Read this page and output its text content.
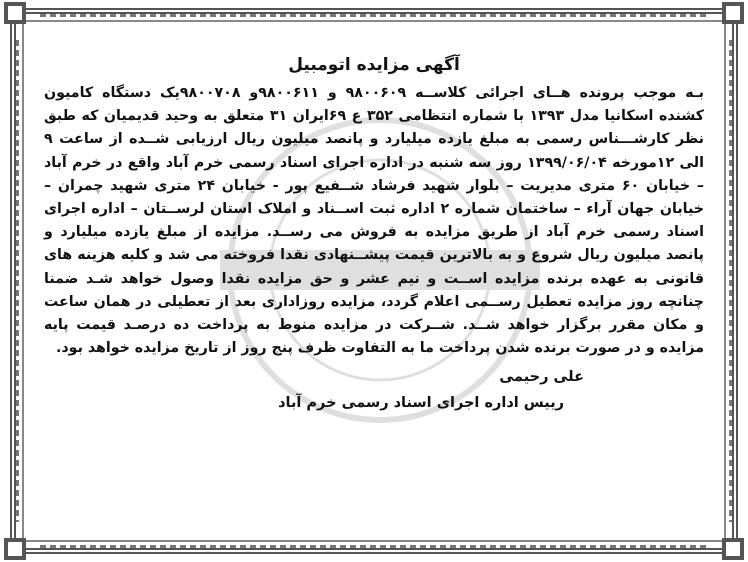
آگهی مزایده اتومبیل

بـه موجب پرونده هــای اجرائی کلاســه ۹۸۰۰۶۰۹ و ۹۸۰۰۶۱۱و ۹۸۰۰۷۰۸یک دستگاه کامیون کشنده اسکانیا مدل ۱۳۹۳ با شماره انتظامی ۳۵۲ ع ۶۹ایران ۳۱ متعلق به وحید قدیمیان که طبق نظر کارشـــناس رسمی به مبلغ یازده میلیارد و پانصد میلیون ریال ارزیابی شــده از ساعت ۹ الی ۱۲مورخه ۱۳۹۹/۰۶/۰۴ روز سه شنبه در اداره اجرای اسناد رسمی خرم آباد واقع در خرم آباد – خیابان ۶۰ متری مدیریت – بلوار شهید فرشاد شــفیع پور - خیابان ۲۴ متری شهید چمران – خیابان جهان آراء – ساختمان شماره ۲ اداره ثبت اســناد و املاک استان لرســتان – اداره اجرای اسناد رسمی خرم آباد از طریق مزایده به فروش می رســد. مزایده از مبلغ یازده میلیارد و پانصد میلیون ریال شروع و به بالاترین قیمت پیشــنهادی نقدا فروخته می شد و کلیه هزینه های قانونی به عهده برنده مزایده اســت و نیم عشر و حق مزایده نقدا وصول خواهد شـد ضمنا چنانچه روز مزایده تعطیل رســمی اعلام گردد، مزایده روزاداری بعد از تعطیلی در همان ساعت و مکان مقرر برگزار خواهد شــد. شــرکت در مزایده منوط به پرداخت ده درصـد قیمت پایه مزایده و در صورت برنده شدن پرداخت ما به التفاوت ظرف پنج روز از تاریخ مزایده خواهد بود.

علی رحیمی
رییس اداره اجرای اسناد رسمی خرم آباد
